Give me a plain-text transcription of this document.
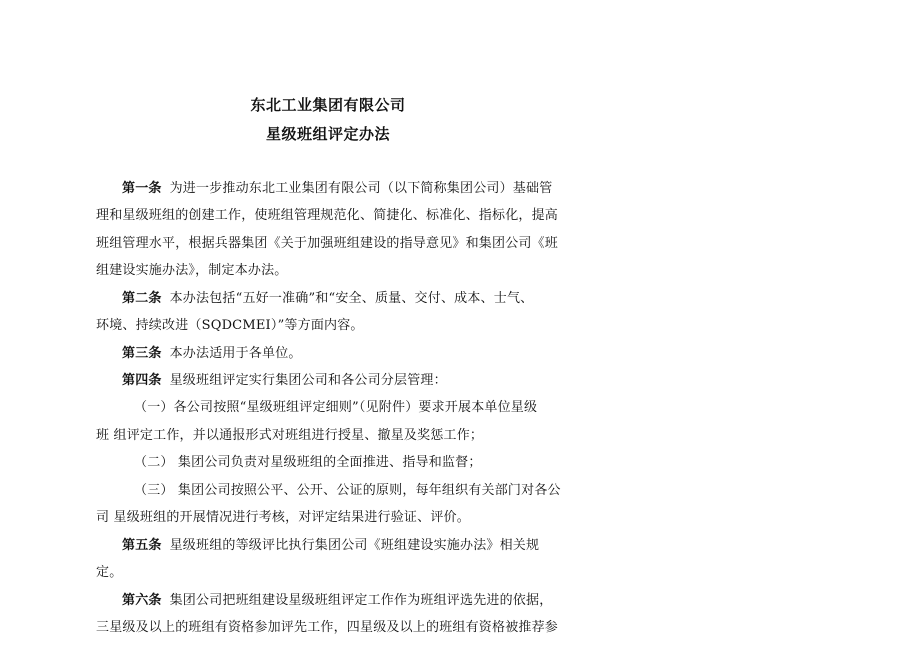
东北工业集团有限公司
星级班组评定办法
第一条 为进一步推动东北工业集团有限公司（以下简称集团公司）基础管
理和星级班组的创建工作，使班组管理规范化、简捷化、标准化、指标化，提高
班组管理水平，根据兵器集团《关于加强班组建设的指导意见》和集团公司《班
组建设实施办法》，制定本办法。
第二条 本办法包括“五好一准确”和“安全、质量、交付、成本、士气、
环境、持续改进（SQDCMEI）”等方面内容。
第三条 本办法适用于各单位。
第四条 星级班组评定实行集团公司和各公司分层管理：
（一）各公司按照“星级班组评定细则”（见附件）要求开展本单位星级
班 组评定工作，并以通报形式对班组进行授星、撤星及奖惩工作；
（二） 集团公司负责对星级班组的全面推进、指导和监督；
（三） 集团公司按照公平、公开、公证的原则，每年组织有关部门对各公
司 星级班组的开展情况进行考核，对评定结果进行验证、评价。
第五条 星级班组的等级评比执行集团公司《班组建设实施办法》相关规
定。
第六条 集团公司把班组建设星级班组评定工作作为班组评选先进的依据，
三星级及以上的班组有资格参加评先工作，四星级及以上的班组有资格被推荐参
